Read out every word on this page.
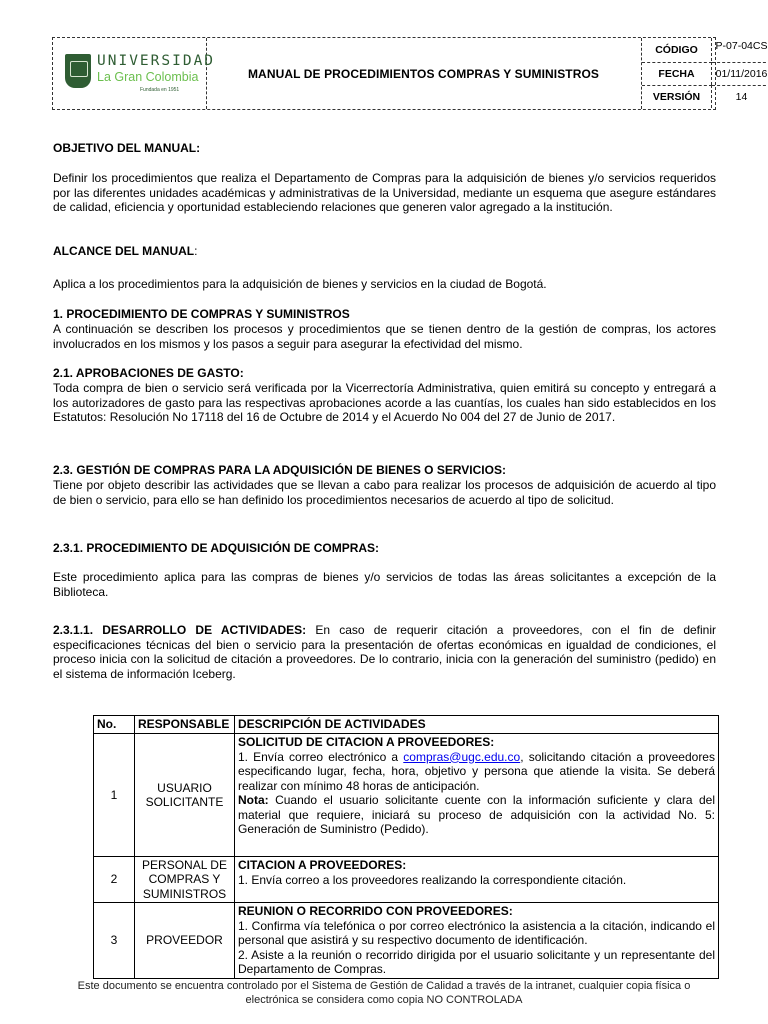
UNIVERSIDAD
La Gran Colombia
Fundada en 1951
MANUAL DE PROCEDIMIENTOS COMPRAS Y SUMINISTROS
CÓDIGO	P-07-04CS
FECHA	01/11/2016
VERSIÓN	14
OBJETIVO DEL MANUAL:
Definir los procedimientos que realiza el Departamento de Compras para la adquisición de bienes y/o servicios requeridos por las diferentes unidades académicas y administrativas de la Universidad, mediante un esquema que asegure estándares de calidad, eficiencia y oportunidad estableciendo relaciones que generen valor agregado a la institución.
ALCANCE DEL MANUAL:
Aplica a los procedimientos para la adquisición de bienes y servicios en la ciudad de Bogotá.
1. PROCEDIMIENTO DE COMPRAS Y SUMINISTROS
A continuación se describen los procesos y procedimientos que se tienen dentro de la gestión de compras, los actores involucrados en los mismos y los pasos a seguir para asegurar la efectividad del mismo.
2.1. APROBACIONES DE GASTO:
Toda compra de bien o servicio será verificada por la Vicerrectoría Administrativa, quien emitirá su concepto y entregará a los autorizadores de gasto para las respectivas aprobaciones acorde a las cuantías, los cuales han sido establecidos en los Estatutos: Resolución No 17118 del 16 de Octubre de 2014 y el Acuerdo No 004 del 27 de Junio de 2017.
2.3. GESTIÓN DE COMPRAS PARA LA ADQUISICIÓN DE BIENES O SERVICIOS:
Tiene por objeto describir las actividades que se llevan a cabo para realizar los procesos de adquisición de acuerdo al tipo de bien o servicio, para ello se han definido los procedimientos necesarios de acuerdo al tipo de solicitud.
2.3.1. PROCEDIMIENTO DE ADQUISICIÓN DE COMPRAS:
Este procedimiento aplica para las compras de bienes y/o servicios de todas las áreas solicitantes a excepción de la Biblioteca.
2.3.1.1. DESARROLLO DE ACTIVIDADES: En caso de requerir citación a proveedores, con el fin de definir especificaciones técnicas del bien o servicio para la presentación de ofertas económicas en igualdad de condiciones, el proceso inicia con la solicitud de citación a proveedores. De lo contrario, inicia con la generación del suministro (pedido) en el sistema de información Iceberg.
No.	RESPONSABLE	DESCRIPCIÓN DE ACTIVIDADES
1	USUARIO SOLICITANTE	SOLICITUD DE CITACION A PROVEEDORES:
1. Envía correo electrónico a compras@ugc.edu.co, solicitando citación a proveedores especificando lugar, fecha, hora, objetivo y persona que atiende la visita. Se deberá realizar con mínimo 48 horas de anticipación.
Nota: Cuando el usuario solicitante cuente con la información suficiente y clara del material que requiere, iniciará su proceso de adquisición con la actividad No. 5: Generación de Suministro (Pedido).

2	PERSONAL DE COMPRAS Y SUMINISTROS	CITACION A PROVEEDORES:
1. Envía correo a los proveedores realizando la correspondiente citación.

3	PROVEEDOR	REUNION O RECORRIDO CON PROVEEDORES:
1. Confirma vía telefónica o por correo electrónico la asistencia a la citación, indicando el personal que asistirá y su respectivo documento de identificación.
2. Asiste a la reunión o recorrido dirigida por el usuario solicitante y un representante del Departamento de Compras.
Este documento se encuentra controlado por el Sistema de Gestión de Calidad a través de la intranet, cualquier copia física o
electrónica se considera como copia NO CONTROLADA
